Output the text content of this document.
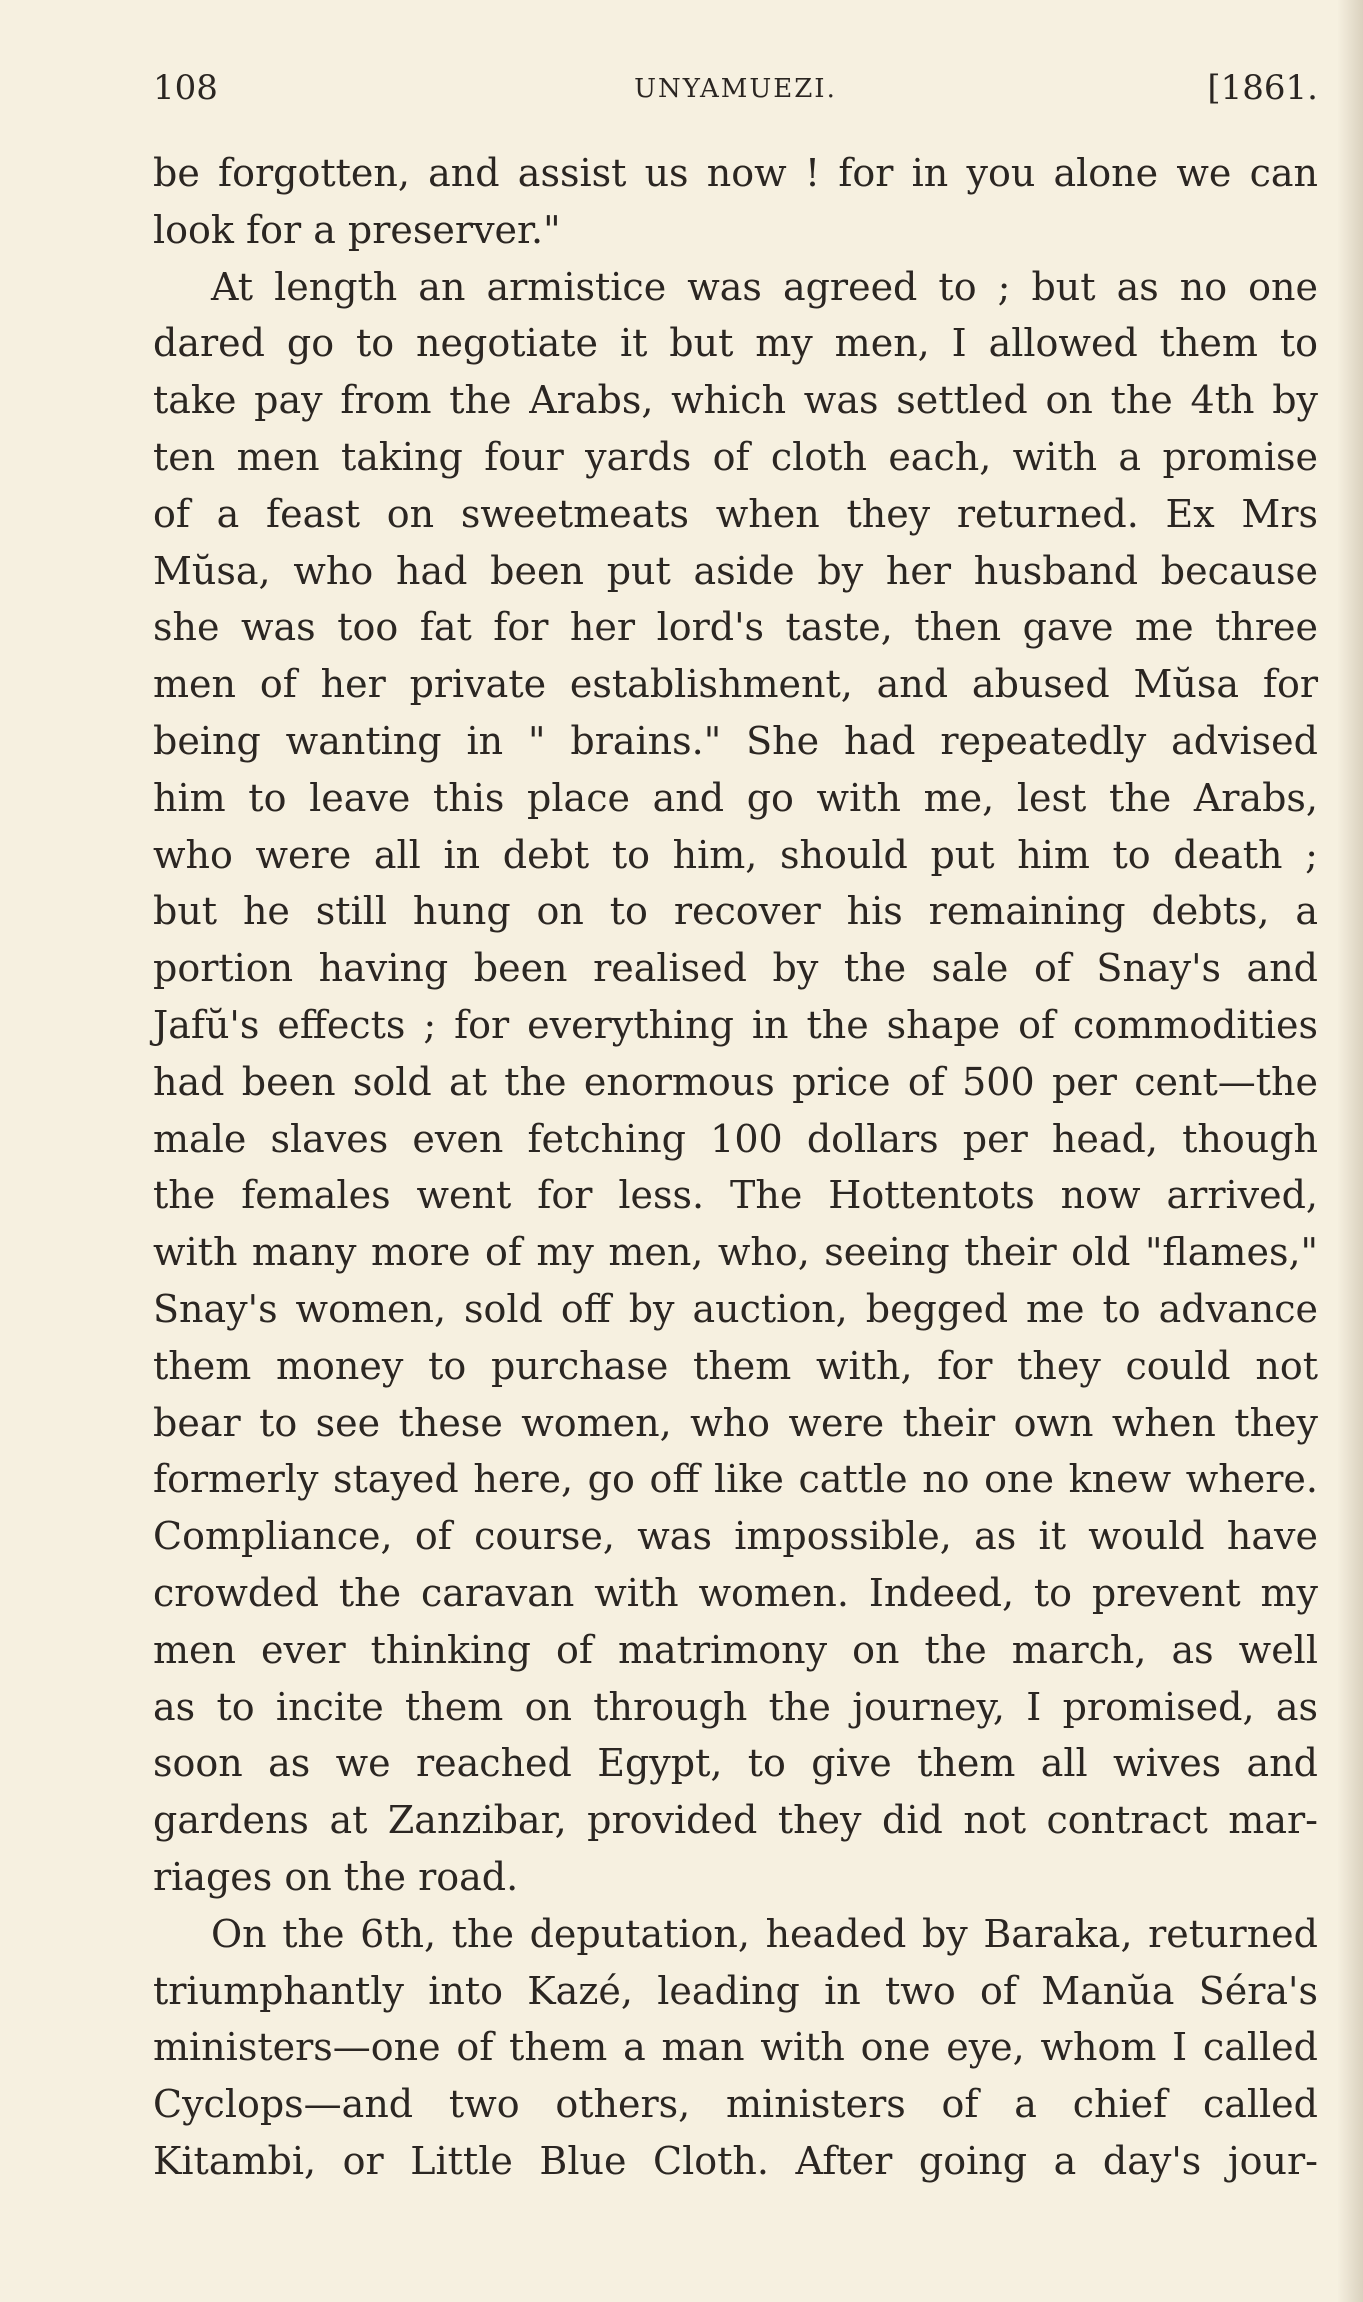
108	UNYAMUEZI.	[1861.
be forgotten, and assist us now ! for in you alone we can
look for a preserver."
At length an armistice was agreed to ; but as no one
dared go to negotiate it but my men, I allowed them to
take pay from the Arabs, which was settled on the 4th by
ten men taking four yards of cloth each, with a promise
of a feast on sweetmeats when they returned. Ex Mrs
Mŭsa, who had been put aside by her husband because
she was too fat for her lord's taste, then gave me three
men of her private establishment, and abused Mŭsa for
being wanting in " brains." She had repeatedly advised
him to leave this place and go with me, lest the Arabs,
who were all in debt to him, should put him to death ;
but he still hung on to recover his remaining debts, a
portion having been realised by the sale of Snay's and
Jafŭ's effects ; for everything in the shape of commodities
had been sold at the enormous price of 500 per cent—the
male slaves even fetching 100 dollars per head, though
the females went for less. The Hottentots now arrived,
with many more of my men, who, seeing their old "flames,"
Snay's women, sold off by auction, begged me to advance
them money to purchase them with, for they could not
bear to see these women, who were their own when they
formerly stayed here, go off like cattle no one knew where.
Compliance, of course, was impossible, as it would have
crowded the caravan with women. Indeed, to prevent my
men ever thinking of matrimony on the march, as well
as to incite them on through the journey, I promised, as
soon as we reached Egypt, to give them all wives and
gardens at Zanzibar, provided they did not contract mar-
riages on the road.
On the 6th, the deputation, headed by Baraka, returned
triumphantly into Kazé, leading in two of Manŭa Séra's
ministers—one of them a man with one eye, whom I called
Cyclops—and two others, ministers of a chief called
Kitambi, or Little Blue Cloth. After going a day's jour-
